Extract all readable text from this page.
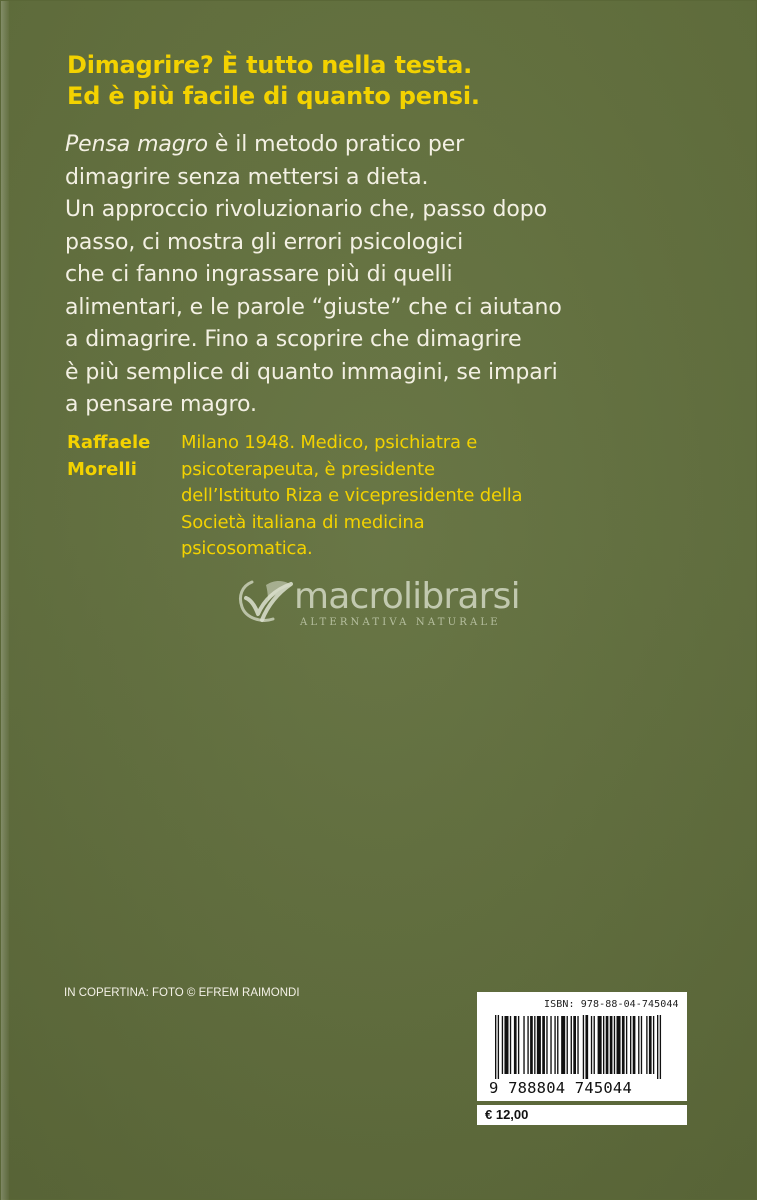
Dimagrire? È tutto nella testa.
Ed è più facile di quanto pensi.

Pensa magro è il metodo pratico per
dimagrire senza mettersi a dieta.
Un approccio rivoluzionario che, passo dopo
passo, ci mostra gli errori psicologici
che ci fanno ingrassare più di quelli
alimentari, e le parole “giuste” che ci aiutano
a dimagrire. Fino a scoprire che dimagrire
è più semplice di quanto immagini, se impari
a pensare magro.

Raffaele
Morelli

Milano 1948. Medico, psichiatra e
psicoterapeuta, è presidente
dell’Istituto Riza e vicepresidente della
Società italiana di medicina
psicosomatica.

macrolibrarsi
ALTERNATIVA NATURALE
IN COPERTINA: FOTO © EFREM RAIMONDI
ISBN: 978-88-04-745044
9 788804 745044
€ 12,00
